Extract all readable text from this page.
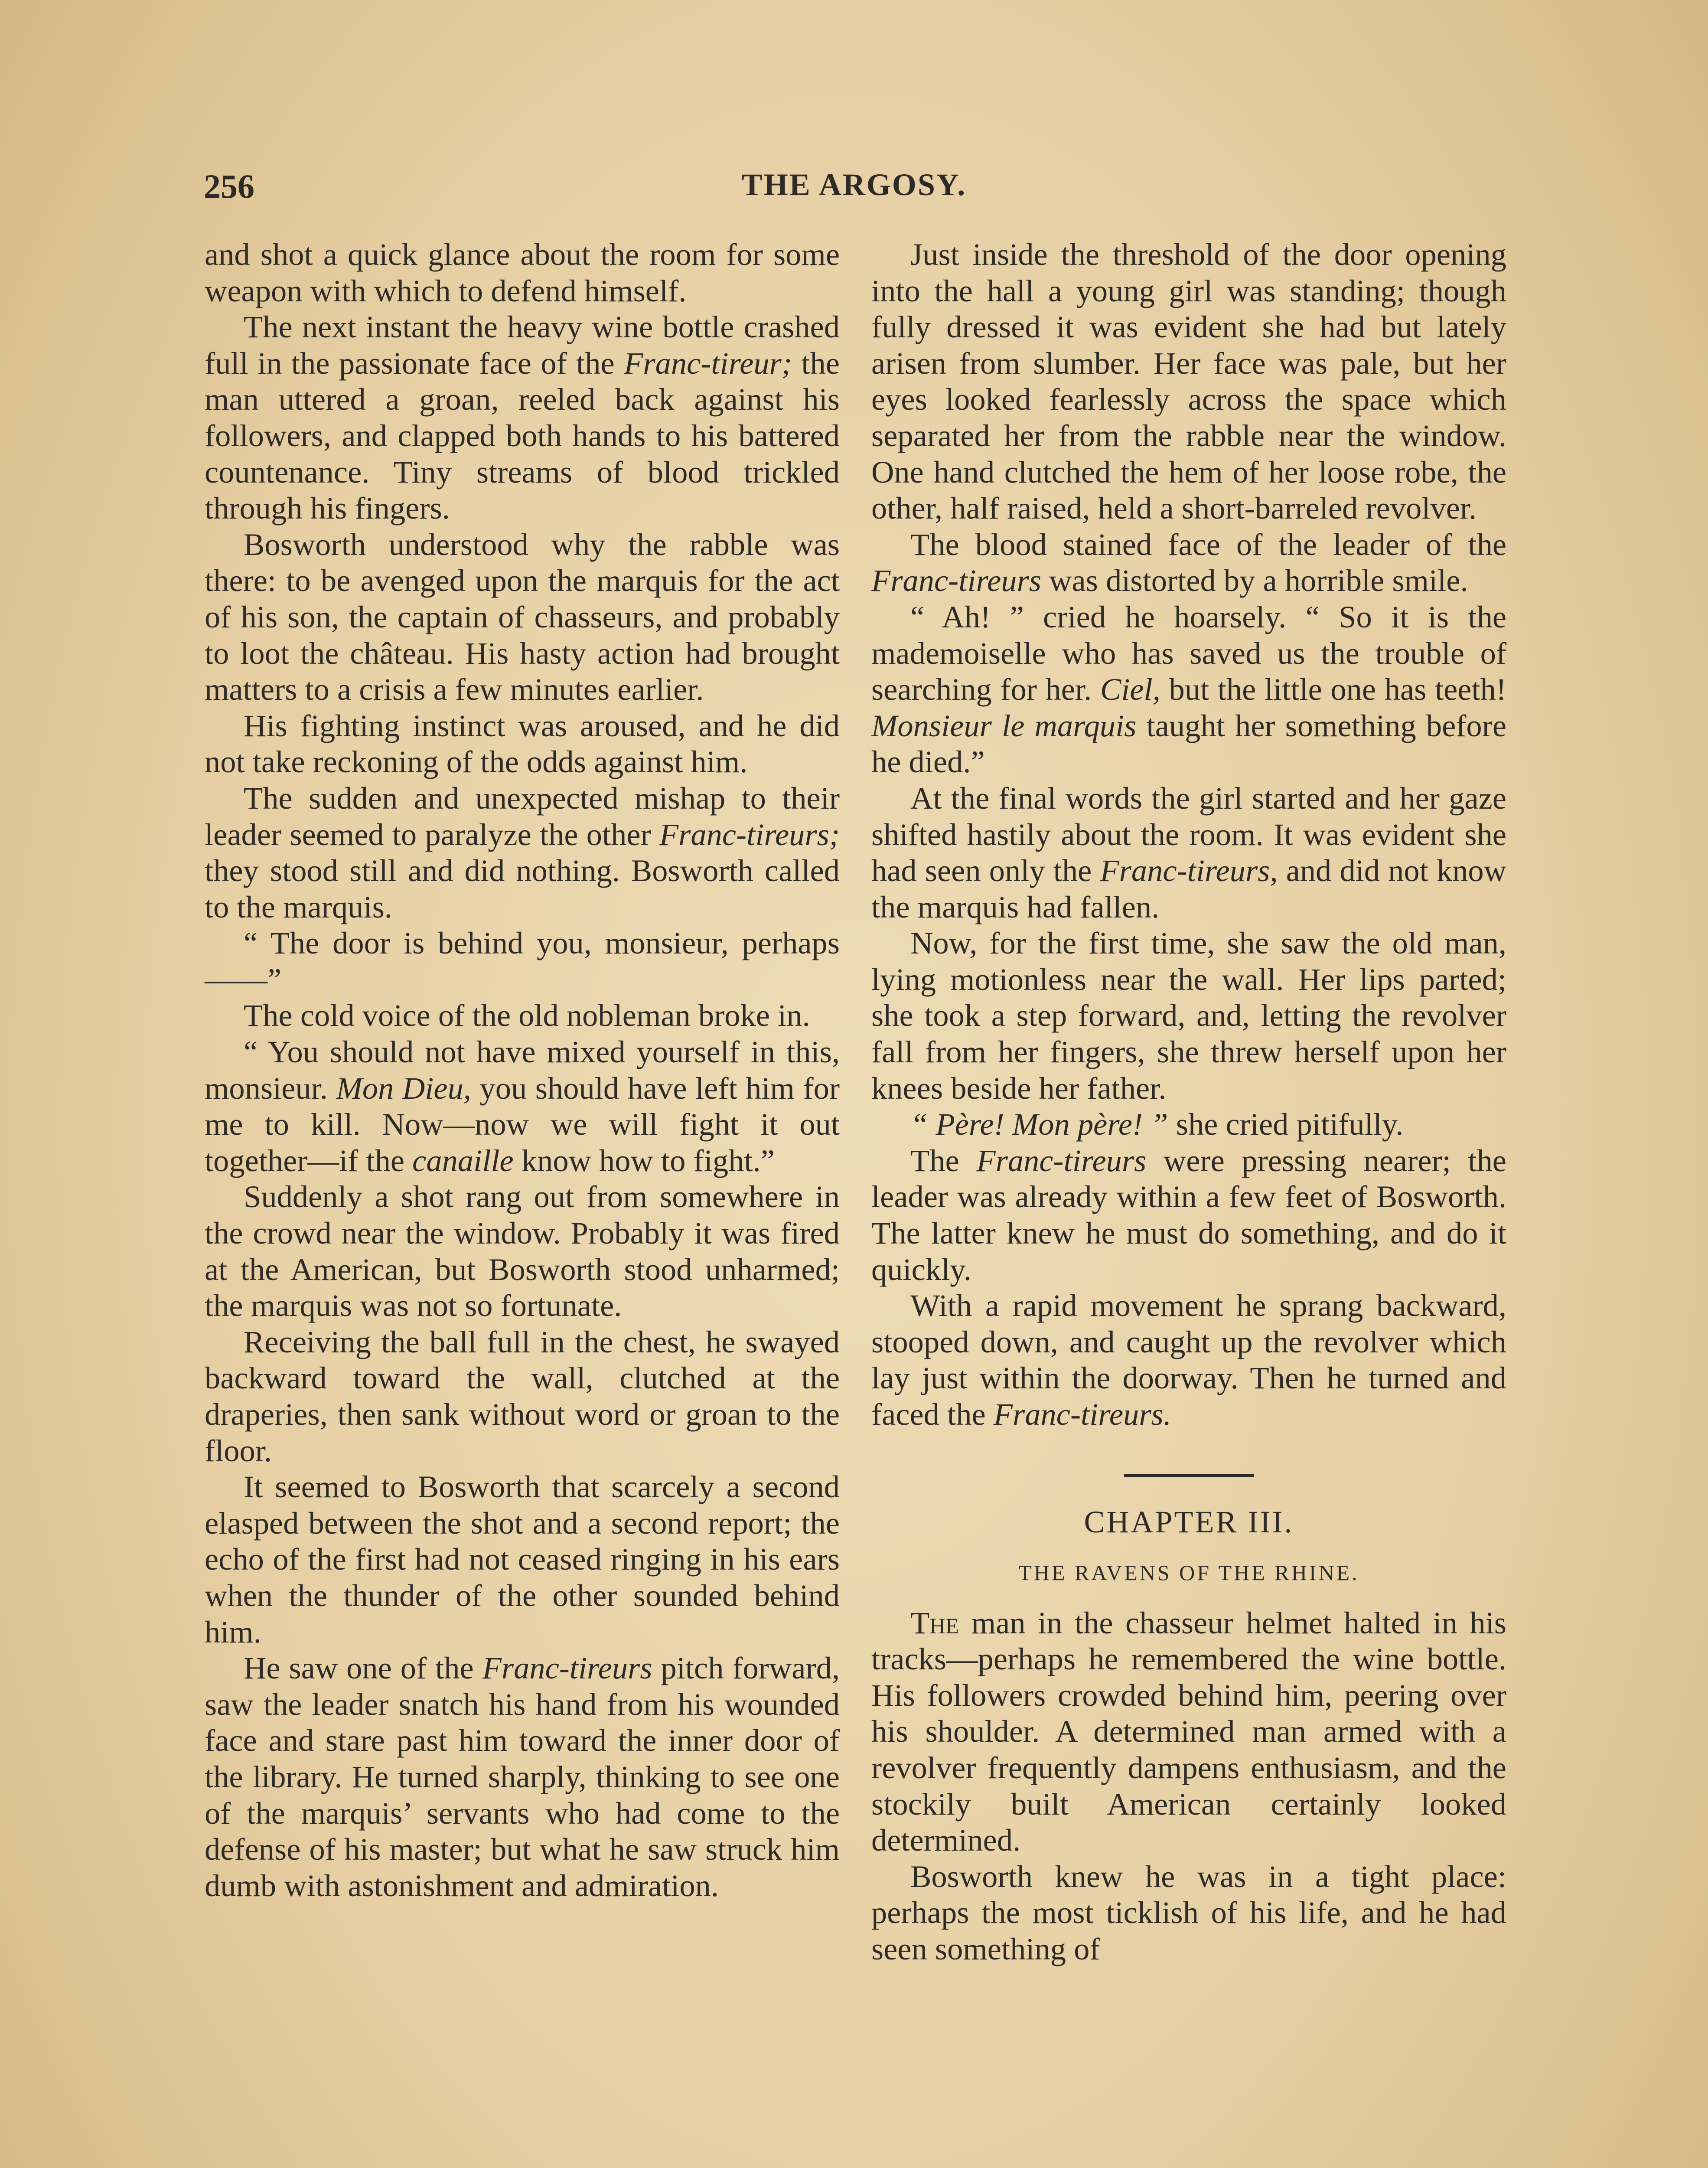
256	THE ARGOSY.

and shot a quick glance about the room for some weapon with which to defend himself.

The next instant the heavy wine bottle crashed full in the passionate face of the Franc-tireur; the man uttered a groan, reeled back against his followers, and clapped both hands to his battered countenance. Tiny streams of blood trickled through his fingers.

Bosworth understood why the rabble was there: to be avenged upon the marquis for the act of his son, the captain of chasseurs, and probably to loot the château. His hasty action had brought matters to a crisis a few minutes earlier.

His fighting instinct was aroused, and he did not take reckoning of the odds against him.

The sudden and unexpected mishap to their leader seemed to paralyze the other Franc-tireurs; they stood still and did nothing. Bosworth called to the marquis.

“ The door is behind you, monsieur, perhaps——”

The cold voice of the old nobleman broke in.

“ You should not have mixed yourself in this, monsieur. Mon Dieu, you should have left him for me to kill. Now—now we will fight it out together—if the canaille know how to fight.”

Suddenly a shot rang out from somewhere in the crowd near the window. Probably it was fired at the American, but Bosworth stood unharmed; the marquis was not so fortunate.

Receiving the ball full in the chest, he swayed backward toward the wall, clutched at the draperies, then sank without word or groan to the floor.

It seemed to Bosworth that scarcely a second elasped between the shot and a second report; the echo of the first had not ceased ringing in his ears when the thunder of the other sounded behind him.

He saw one of the Franc-tireurs pitch forward, saw the leader snatch his hand from his wounded face and stare past him toward the inner door of the library. He turned sharply, thinking to see one of the marquis’ servants who had come to the defense of his master; but what he saw struck him dumb with astonishment and admiration.

Just inside the threshold of the door opening into the hall a young girl was standing; though fully dressed it was evident she had but lately arisen from slumber. Her face was pale, but her eyes looked fearlessly across the space which separated her from the rabble near the window. One hand clutched the hem of her loose robe, the other, half raised, held a short-barreled revolver.

The blood stained face of the leader of the Franc-tireurs was distorted by a horrible smile.

“ Ah! ” cried he hoarsely. “ So it is the mademoiselle who has saved us the trouble of searching for her. Ciel, but the little one has teeth! Monsieur le marquis taught her something before he died.”

At the final words the girl started and her gaze shifted hastily about the room. It was evident she had seen only the Franc-tireurs, and did not know the marquis had fallen.

Now, for the first time, she saw the old man, lying motionless near the wall. Her lips parted; she took a step forward, and, letting the revolver fall from her fingers, she threw herself upon her knees beside her father.

“ Père! Mon père! ” she cried pitifully.

The Franc-tireurs were pressing nearer; the leader was already within a few feet of Bosworth. The latter knew he must do something, and do it quickly.

With a rapid movement he sprang backward, stooped down, and caught up the revolver which lay just within the doorway. Then he turned and faced the Franc-tireurs.

CHAPTER III.
THE RAVENS OF THE RHINE.

The man in the chasseur helmet halted in his tracks—perhaps he remembered the wine bottle. His followers crowded behind him, peering over his shoulder. A determined man armed with a revolver frequently dampens enthusiasm, and the stockily built American certainly looked determined.

Bosworth knew he was in a tight place: perhaps the most ticklish of his life, and he had seen something of
